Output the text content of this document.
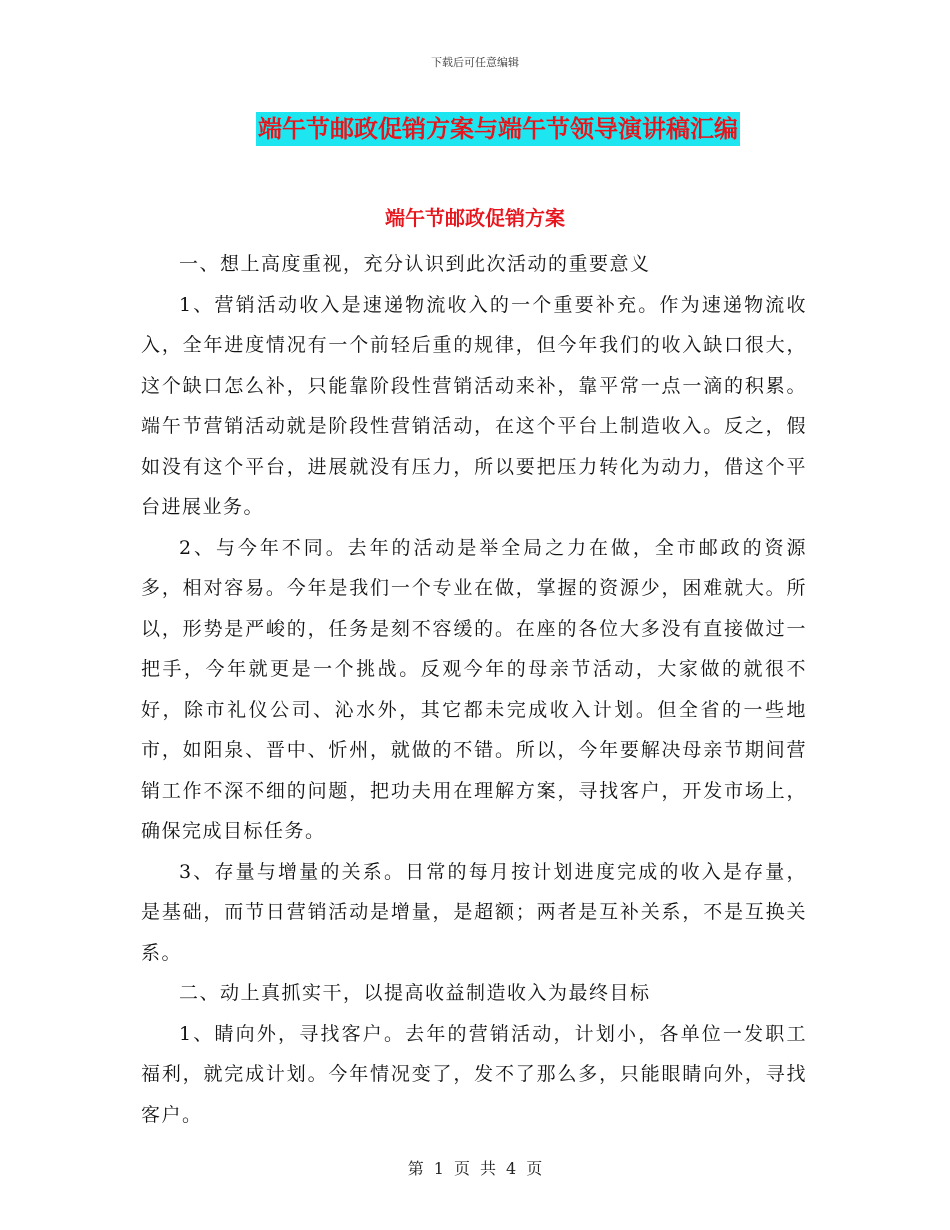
下载后可任意编辑
端午节邮政促销方案与端午节领导演讲稿汇编
端午节邮政促销方案

一、想上高度重视，充分认识到此次活动的重要意义

1、营销活动收入是速递物流收入的一个重要补充。作为速递物流收入，全年进度情况有一个前轻后重的规律，但今年我们的收入缺口很大，这个缺口怎么补，只能靠阶段性营销活动来补，靠平常一点一滴的积累。端午节营销活动就是阶段性营销活动，在这个平台上制造收入。反之，假如没有这个平台，进展就没有压力，所以要把压力转化为动力，借这个平台进展业务。

2、与今年不同。去年的活动是举全局之力在做，全市邮政的资源多，相对容易。今年是我们一个专业在做，掌握的资源少，困难就大。所以，形势是严峻的，任务是刻不容缓的。在座的各位大多没有直接做过一把手，今年就更是一个挑战。反观今年的母亲节活动，大家做的就很不好，除市礼仪公司、沁水外，其它都未完成收入计划。但全省的一些地市，如阳泉、晋中、忻州，就做的不错。所以，今年要解决母亲节期间营销工作不深不细的问题，把功夫用在理解方案，寻找客户，开发市场上，确保完成目标任务。

3、存量与增量的关系。日常的每月按计划进度完成的收入是存量，是基础，而节日营销活动是增量，是超额；两者是互补关系，不是互换关系。

二、动上真抓实干，以提高收益制造收入为最终目标

1、睛向外，寻找客户。去年的营销活动，计划小，各单位一发职工福利，就完成计划。今年情况变了，发不了那么多，只能眼睛向外，寻找客户。

第 1 页 共 4 页
